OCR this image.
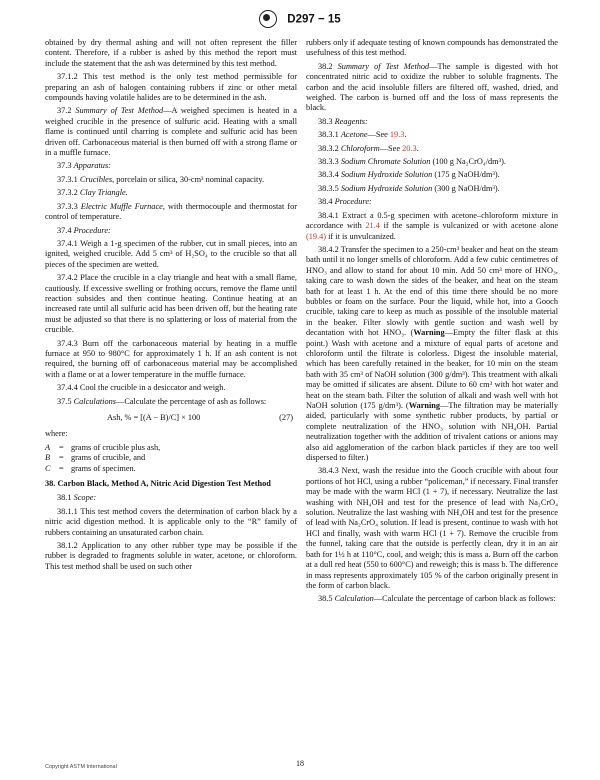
D297 − 15

obtained by dry thermal ashing and will not often represent the filler content. Therefore, if a rubber is ashed by this method the report must include the statement that the ash was determined by this test method.

37.1.2 This test method is the only test method permissible for preparing an ash of halogen containing rubbers if zinc or other metal compounds having volatile halides are to be determined in the ash.

37.2 Summary of Test Method—A weighed specimen is heated in a weighed crucible in the presence of sulfuric acid. Heating with a small flame is continued until charring is complete and sulfuric acid has been driven off. Carbonaceous material is then burned off with a strong flame or in a muffle furnace.

37.3 Apparatus:

37.3.1 Crucibles, porcelain or silica, 30-cm³ nominal capacity.

37.3.2 Clay Triangle.

37.3.3 Electric Muffle Furnace, with thermocouple and thermostat for control of temperature.

37.4 Procedure:

37.4.1 Weigh a 1-g specimen of the rubber, cut in small pieces, into an ignited, weighed crucible. Add 5 cm³ of H₂SO₄ to the crucible so that all pieces of the specimen are wetted.

37.4.2 Place the crucible in a clay triangle and heat with a small flame, cautiously. If excessive swelling or frothing occurs, remove the flame until reaction subsides and then continue heating. Continue heating at an increased rate until all sulfuric acid has been driven off, but the heating rate must be adjusted so that there is no splattering or loss of material from the crucible.

37.4.3 Burn off the carbonaceous material by heating in a muffle furnace at 950 to 980°C for approximately 1 h. If an ash content is not required, the burning off of carbonaceous material may be accomplished with a flame or at a lower temperature in the muffle furnace.

37.4.4 Cool the crucible in a desiccator and weigh.

37.5 Calculations—Calculate the percentage of ash as follows:

Ash, % = [(A − B)/C] × 100	(27)

where:

A	= grams of crucible plus ash,
B	= grams of crucible, and
C	= grams of specimen.

38. Carbon Black, Method A, Nitric Acid Digestion Test Method

38.1 Scope:

38.1.1 This test method covers the determination of carbon black by a nitric acid digestion method. It is applicable only to the “R” family of rubbers containing an unsaturated carbon chain.

38.1.2 Application to any other rubber type may be possible if the rubber is degraded to fragments soluble in water, acetone, or chloroform. This test method shall be used on such other

rubbers only if adequate testing of known compounds has demonstrated the usefulness of this test method.

38.2 Summary of Test Method—The sample is digested with hot concentrated nitric acid to oxidize the rubber to soluble fragments. The carbon and the acid insoluble fillers are filtered off, washed, dried, and weighed. The carbon is burned off and the loss of mass represents the black.

38.3 Reagents:

38.3.1 Acetone—See 19.3.

38.3.2 Chloroform—See 20.3.

38.3.3 Sodium Chromate Solution (100 g Na₂CrO₄/dm³).

38.3.4 Sodium Hydroxide Solution (175 g NaOH/dm³).

38.3.5 Sodium Hydroxide Solution (300 g NaOH/dm³).

38.4 Procedure:

38.4.1 Extract a 0.5-g specimen with acetone–chloroform mixture in accordance with 21.4 if the sample is vulcanized or with acetone alone (19.4) if it is unvulcanized.

38.4.2 Transfer the specimen to a 250-cm³ beaker and heat on the steam bath until it no longer smells of chloroform. Add a few cubic centimetres of HNO₃ and allow to stand for about 10 min. Add 50 cm³ more of HNO₃, taking care to wash down the sides of the beaker, and heat on the steam bath for at least 1 h. At the end of this time there should be no more bubbles or foam on the surface. Pour the liquid, while hot, into a Gooch crucible, taking care to keep as much as possible of the insoluble material in the beaker. Filter slowly with gentle suction and wash well by decantation with hot HNO₃. (Warning—Empty the filter flask at this point.) Wash with acetone and a mixture of equal parts of acetone and chloroform until the filtrate is colorless. Digest the insoluble material, which has been carefully retained in the beaker, for 10 min on the steam bath with 35 cm³ of NaOH solution (300 g/dm³). This treatment with alkali may be omitted if silicates are absent. Dilute to 60 cm³ with hot water and heat on the steam bath. Filter the solution of alkali and wash well with hot NaOH solution (175 g/dm³). (Warning—The filtration may be materially aided, particularly with some synthetic rubber products, by partial or complete neutralization of the HNO₃ solution with NH₄OH. Partial neutralization together with the addition of trivalent cations or anions may also aid agglomeration of the carbon black particles if they are too well dispersed to filter.)

38.4.3 Next, wash the residue into the Gooch crucible with about four portions of hot HCl, using a rubber “policeman,” if necessary. Final transfer may be made with the warm HCl (1 + 7), if necessary. Neutralize the last washing with NH₄OH and test for the presence of lead with Na₂CrO₄ solution. Neutralize the last washing with NH₄OH and test for the presence of lead with Na₂CrO₄ solution. If lead is present, continue to wash with hot HCl and finally, wash with warm HCl (1 + 7). Remove the crucible from the funnel, taking care that the outside is perfectly clean, dry it in an air bath for 1½ h at 110°C, cool, and weigh; this is mass a. Burn off the carbon at a dull red heat (550 to 600°C) and reweigh; this is mass b. The difference in mass represents approximately 105 % of the carbon originally present in the form of carbon black.

38.5 Calculation—Calculate the percentage of carbon black as follows:

Copyright ASTM International	18
